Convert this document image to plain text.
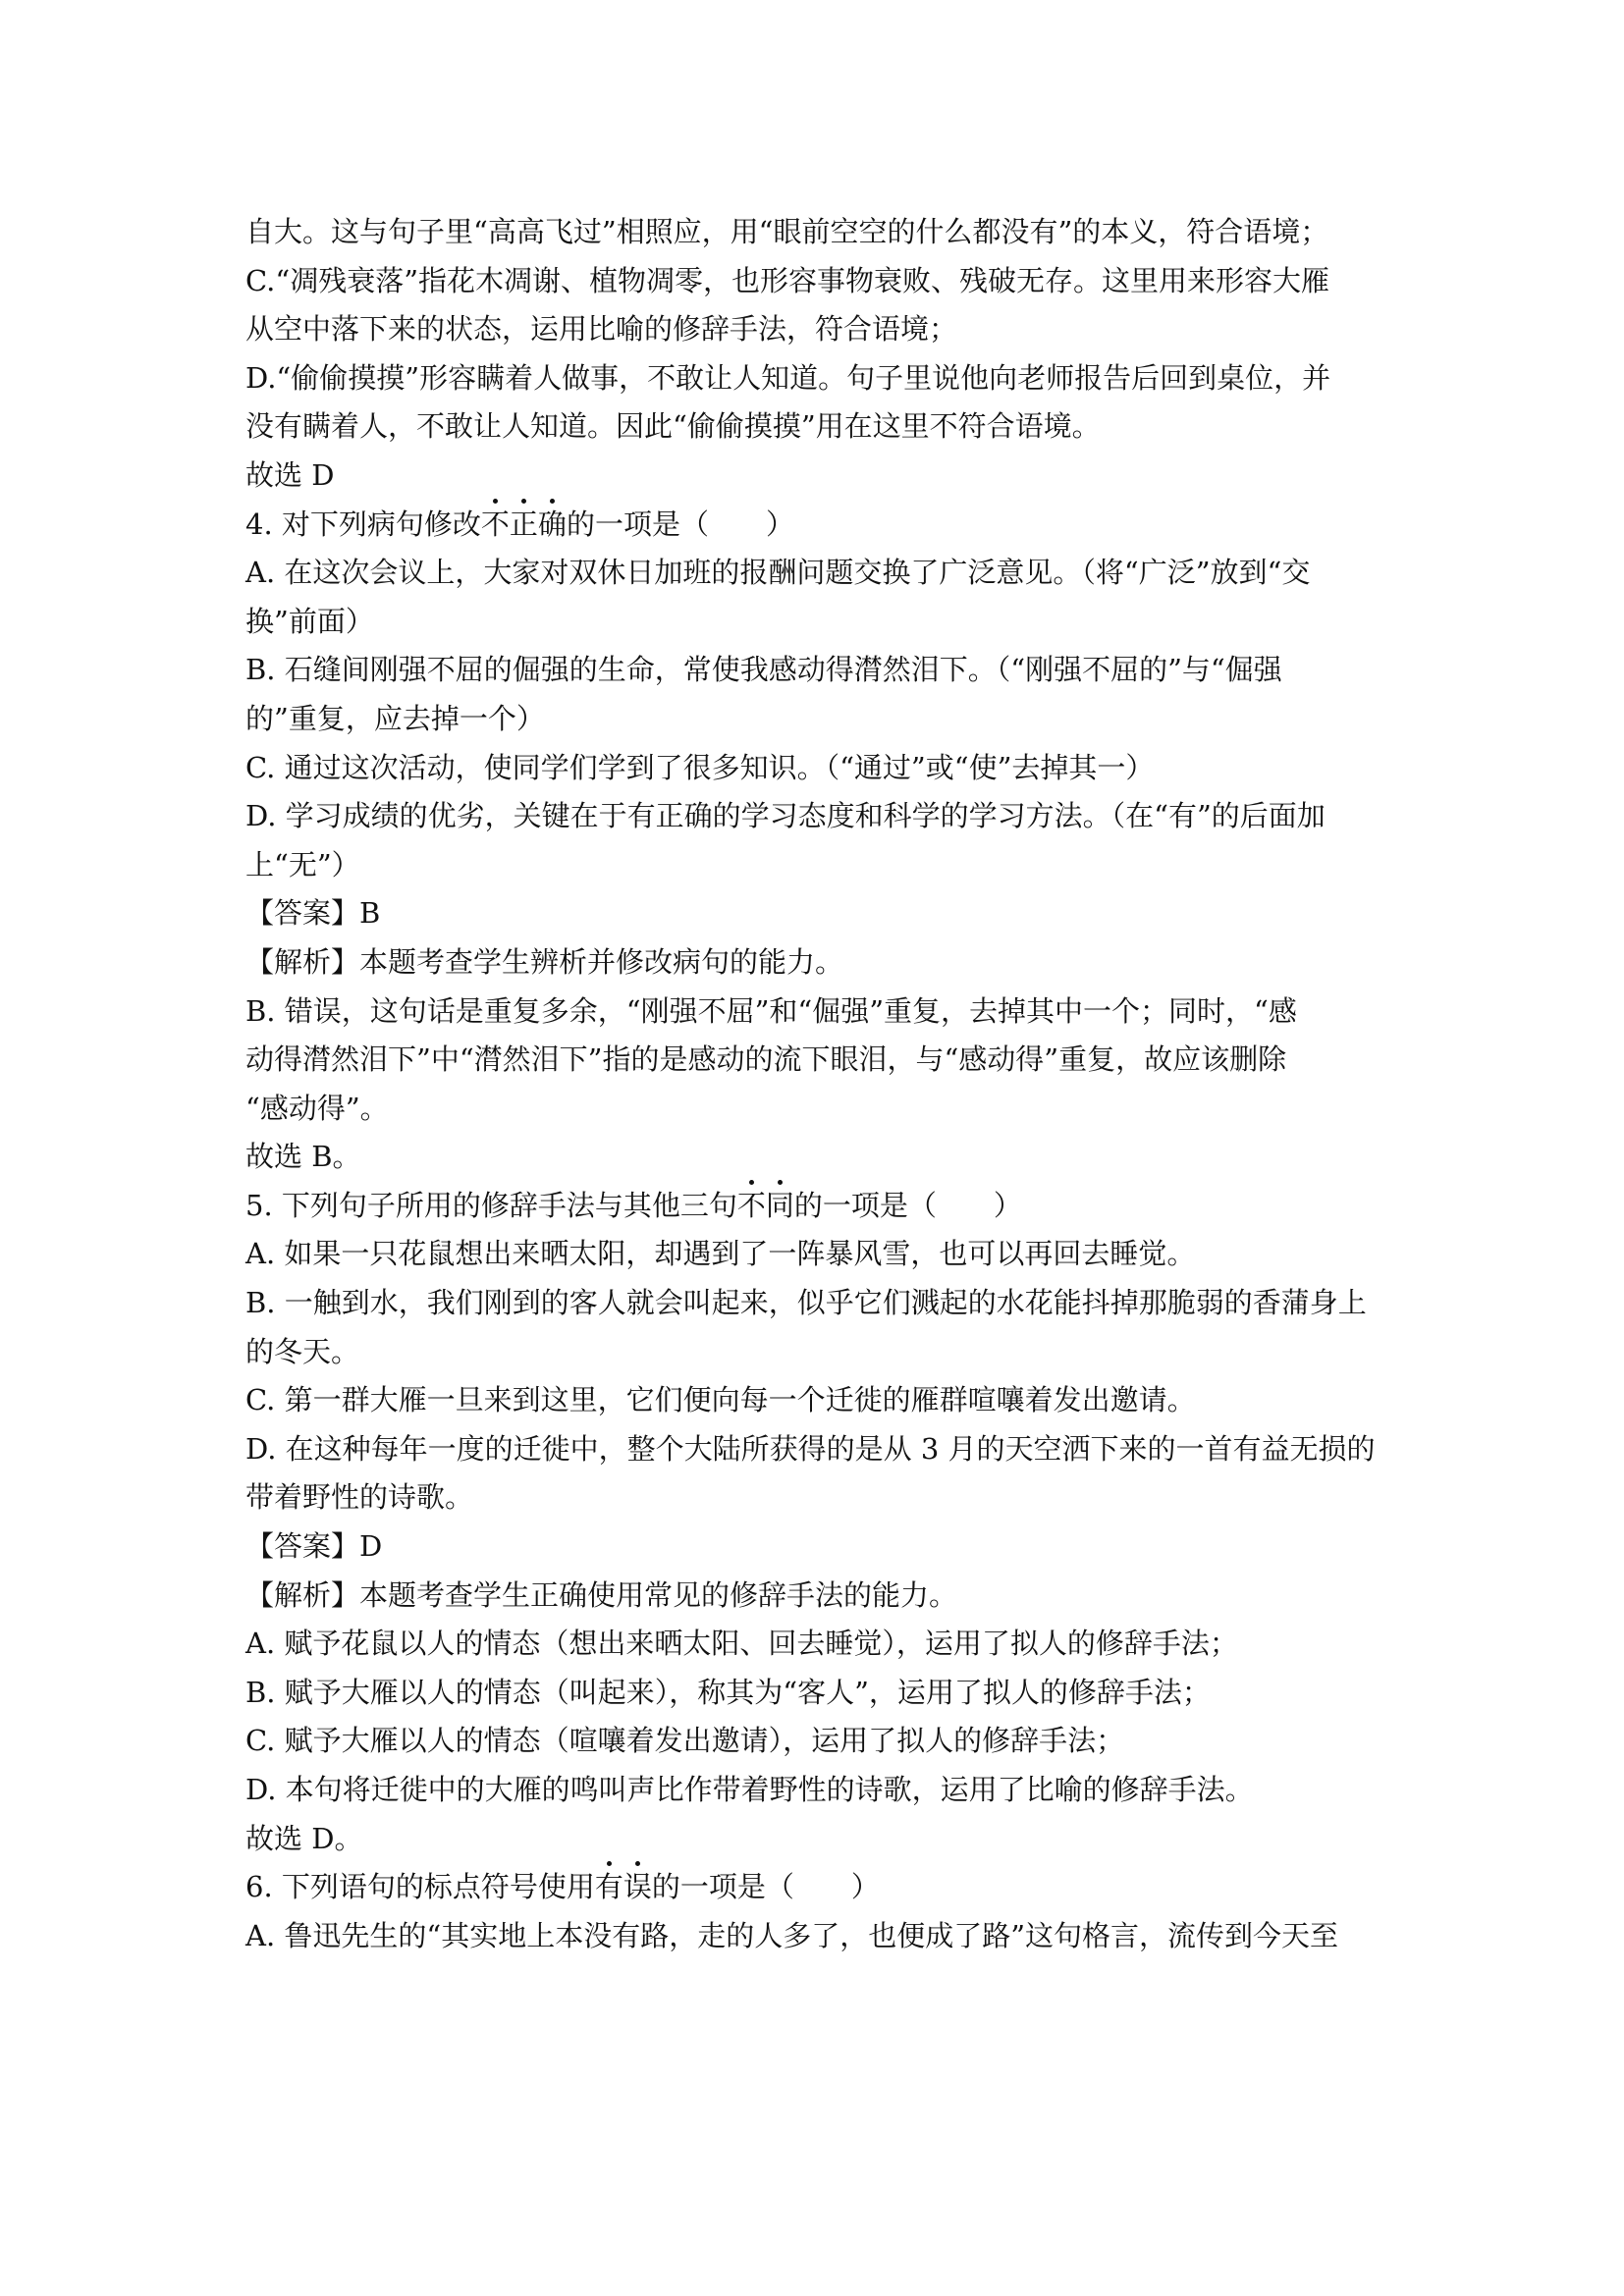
自大。这与句子里“高高飞过”相照应，用“眼前空空的什么都没有”的本义，符合语境；
C.“凋残衰落”指花木凋谢、植物凋零，也形容事物衰败、残破无存。这里用来形容大雁
从空中落下来的状态，运用比喻的修辞手法，符合语境；
D.“偷偷摸摸”形容瞒着人做事，不敢让人知道。句子里说他向老师报告后回到桌位，并
没有瞒着人，不敢让人知道。因此“偷偷摸摸”用在这里不符合语境。
故选 D
4. 对下列病句修改不正确的一项是（　　）
A. 在这次会议上，大家对双休日加班的报酬问题交换了广泛意见。（将“广泛”放到“交
换”前面）
B. 石缝间刚强不屈的倔强的生命，常使我感动得潸然泪下。（“刚强不屈的”与“倔强
的”重复，应去掉一个）
C. 通过这次活动，使同学们学到了很多知识。（“通过”或“使”去掉其一）
D. 学习成绩的优劣，关键在于有正确的学习态度和科学的学习方法。（在“有”的后面加
上“无”）
【答案】B
【解析】本题考查学生辨析并修改病句的能力。
B. 错误，这句话是重复多余，“刚强不屈”和“倔强”重复，去掉其中一个；同时，“感
动得潸然泪下”中“潸然泪下”指的是感动的流下眼泪，与“感动得”重复，故应该删除
“感动得”。
故选 B。
5. 下列句子所用的修辞手法与其他三句不同的一项是（　　）
A. 如果一只花鼠想出来晒太阳，却遇到了一阵暴风雪，也可以再回去睡觉。
B. 一触到水，我们刚到的客人就会叫起来，似乎它们溅起的水花能抖掉那脆弱的香蒲身上
的冬天。
C. 第一群大雁一旦来到这里，它们便向每一个迁徙的雁群喧嚷着发出邀请。
D. 在这种每年一度的迁徙中，整个大陆所获得的是从 3 月的天空洒下来的一首有益无损的
带着野性的诗歌。
【答案】D
【解析】本题考查学生正确使用常见的修辞手法的能力。
A. 赋予花鼠以人的情态（想出来晒太阳、回去睡觉），运用了拟人的修辞手法；
B. 赋予大雁以人的情态（叫起来），称其为“客人”，运用了拟人的修辞手法；
C. 赋予大雁以人的情态（喧嚷着发出邀请），运用了拟人的修辞手法；
D. 本句将迁徙中的大雁的鸣叫声比作带着野性的诗歌，运用了比喻的修辞手法。
故选 D。
6. 下列语句的标点符号使用有误的一项是（　　）
A. 鲁迅先生的“其实地上本没有路，走的人多了，也便成了路”这句格言，流传到今天至
